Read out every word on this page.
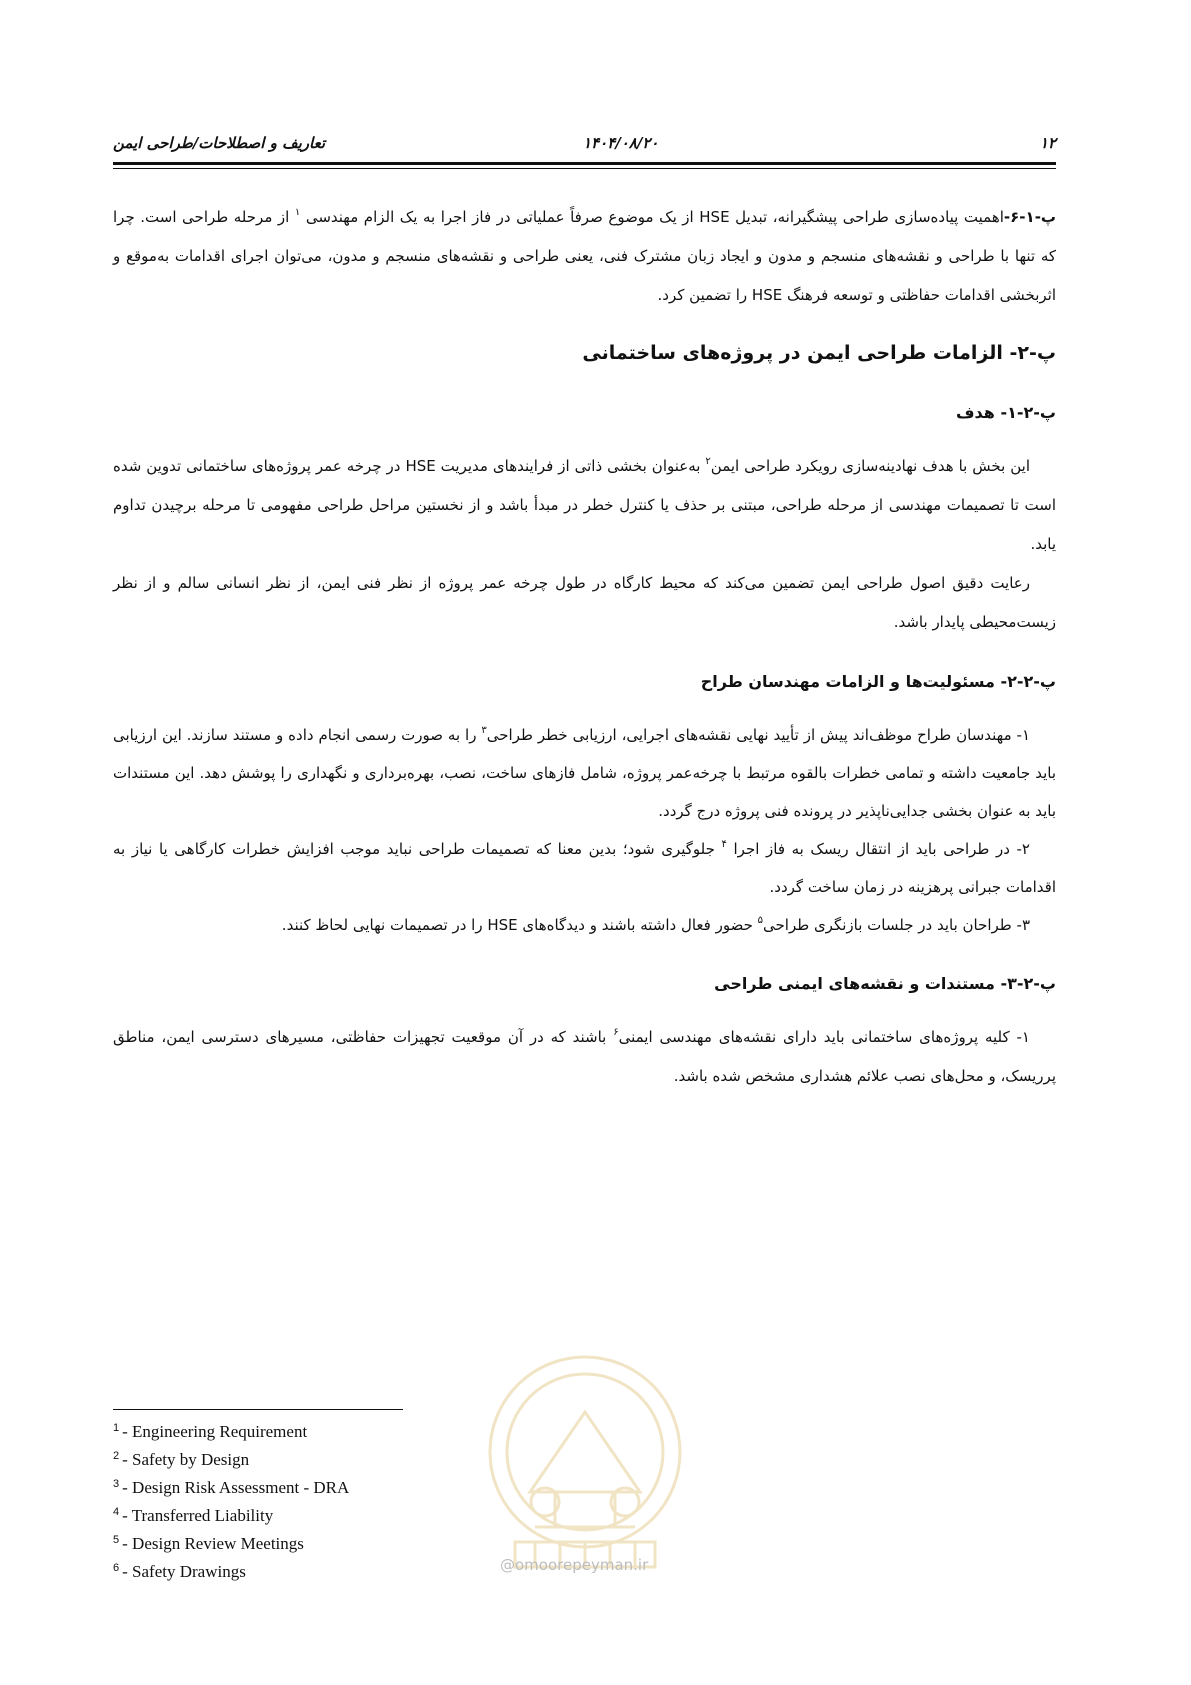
تعاریف و اصطلاحات/طراحی ایمن	۱۴۰۴/۰۸/۲۰	۱۲

پ-۱-۶-اهمیت پیاده‌سازی طراحی پیشگیرانه، تبدیل HSE از یک موضوع صرفاً عملیاتی در فاز اجرا به یک الزام مهندسی $^۱$ از مرحله طراحی است. چرا که تنها با طراحی و نقشه‌های منسجم و مدون و ایجاد زبان مشترک فنی، یعنی طراحی و نقشه‌های منسجم و مدون، می‌توان اجرای اقدامات به‌موقع و اثربخشی اقدامات حفاظتی و توسعه فرهنگ HSE را تضمین کرد.

پ-۲- الزامات طراحی ایمن در پروژه‌های ساختمانی
پ-۲-۱- هدف

این بخش با هدف نهادینه‌سازی رویکرد طراحی ایمن$^۲$ به‌عنوان بخشی ذاتی از فرایندهای مدیریت HSE در چرخه عمر پروژه‌های ساختمانی تدوین شده است تا تصمیمات مهندسی از مرحله طراحی، مبتنی بر حذف یا کنترل خطر در مبدأ باشد و از نخستین مراحل طراحی مفهومی تا مرحله برچیدن تداوم یابد.

رعایت دقیق اصول طراحی ایمن تضمین می‌کند که محیط کارگاه در طول چرخه عمر پروژه از نظر فنی ایمن، از نظر انسانی سالم و از نظر زیست‌محیطی پایدار باشد.

پ-۲-۲- مسئولیت‌ها و الزامات مهندسان طراح

۱- مهندسان طراح موظف‌اند پیش از تأیید نهایی نقشه‌های اجرایی، ارزیابی خطر طراحی$^۳$ را به صورت رسمی انجام داده و مستند سازند. این ارزیابی باید جامعیت داشته و تمامی خطرات بالقوه مرتبط با چرخه‌عمر پروژه، شامل فازهای ساخت، نصب، بهره‌برداری و نگهداری را پوشش دهد. این مستندات باید به عنوان بخشی جدایی‌ناپذیر در پرونده فنی پروژه درج گردد.

۲- در طراحی باید از انتقال ریسک به فاز اجرا $^۴$ جلوگیری شود؛ بدین معنا که تصمیمات طراحی نباید موجب افزایش خطرات کارگاهی یا نیاز به اقدامات جبرانی پرهزینه در زمان ساخت گردد.

۳- طراحان باید در جلسات بازنگری طراحی$^۵$ حضور فعال داشته باشند و دیدگاه‌های HSE را در تصمیمات نهایی لحاظ کنند.

پ-۲-۳- مستندات و نقشه‌های ایمنی طراحی

۱- کلیه پروژه‌های ساختمانی باید دارای نقشه‌های مهندسی ایمنی$^۶$ باشند که در آن موقعیت تجهیزات حفاظتی، مسیرهای دسترسی ایمن، مناطق پرریسک، و محل‌های نصب علائم هشداری مشخص شده باشد.

@omoorepeyman.ir
$^1$ - Engineering Requirement
$^2$ - Safety by Design
$^3$ - Design Risk Assessment - DRA
$^4$ - Transferred Liability
$^5$ - Design Review Meetings
$^6$ - Safety Drawings
